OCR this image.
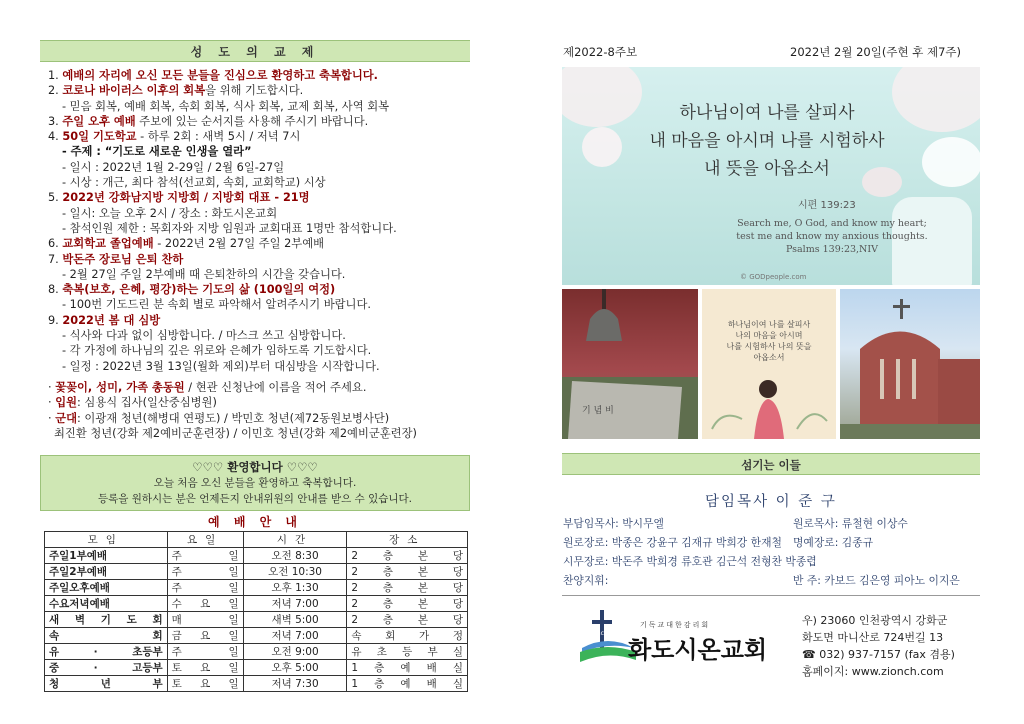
성 도 의 교 제
1. 예배의 자리에 오신 모든 분들을 진심으로 환영하고 축복합니다.
2. 코로나 바이러스 이후의 회복을 위해 기도합시다.
- 믿음 회복, 예배 회복, 속회 회복, 식사 회복, 교제 회복, 사역 회복
3. 주일 오후 예배 주보에 있는 순서지를 사용해 주시기 바랍니다.
4. 50일 기도학교 - 하루 2회 : 새벽 5시 / 저녁 7시
- 주제 : “기도로 새로운 인생을 열라”
- 일시 : 2022년 1월 2-29일 / 2월 6일-27일
- 시상 : 개근, 최다 참석(선교회, 속회, 교회학교) 시상
5. 2022년 강화남지방 지방회 / 지방회 대표 - 21명
- 일시: 오늘 오후 2시 / 장소 : 화도시온교회
- 참석인원 제한 : 목회자와 지방 임원과 교회대표 1명만 참석합니다.
6. 교회학교 졸업예배 - 2022년 2월 27일 주일 2부예배
7. 박돈주 장로님 은퇴 찬하
- 2월 27일 주일 2부예배 때 은퇴찬하의 시간을 갖습니다.
8. 축복(보호, 은혜, 평강)하는 기도의 삶 (100일의 여정)
- 100번 기도드린 분 속회 별로 파악해서 알려주시기 바랍니다.
9. 2022년 봄 대 심방
- 식사와 다과 없이 심방합니다. / 마스크 쓰고 심방합니다.
- 각 가정에 하나님의 깊은 위로와 은혜가 임하도록 기도합시다.
- 일정 : 2022년 3월 13일(월화 제외)부터 대심방을 시작합니다.
· 꽃꽂이, 성미, 가족 총동원 / 현관 신청난에 이름을 적어 주세요.
· 입원: 심용식 집사(일산중심병원)
· 군대: 이광재 청년(해병대 연평도) / 박민호 청년(제72동원보병사단)
최진환 청년(강화 제2예비군훈련장) / 이민호 청년(강화 제2예비군훈련장)
♡♡♡ 환영합니다 ♡♡♡
오늘 처음 오신 분들을 환영하고 축복합니다.
등록을 원하시는 분은 언제든지 안내위원의 안내를 받으 수 있습니다.
예 배 안 내
모임	요일	시간	장소
주일1부예배	주 일	오전 8:30	2 층 본 당
주일2부예배	주 일	오전 10:30	2 층 본 당
주일오후예배	주 일	오후 1:30	2 층 본 당
수요저녁예배	수 요 일	저녁 7:00	2 층 본 당
새 벽 기 도 회	매 일	새벽 5:00	2 층 본 당
속 회	금 요 일	저녁 7:00	속 회 가 정
유 · 초등부	주 일	오전 9:00	유 초 등 부 실
중 · 고등부	토 요 일	오후 5:00	1 층 예 배 실
청 년 부	토 요 일	저녁 7:30	1 층 예 배 실
제2022-8주보	2022년 2월 20일(주현 후 제7주)
하나님이여 나를 살피사
내 마음을 아시며 나를 시험하사
내 뜻을 아옵소서
시편 139:23
Search me, O God, and know my heart;
test me and know my anxious thoughts.
Psalms 139:23,NIV
© GODpeople.com
기 념 비
하나님이여 나를 살피사
나의 마음을 아시며
나를 시험하사 나의 뜻을
아옵소서
섬기는 이들
담임목사 이 준 구
부담임목사: 박시무엘	원로목사: 류철현 이상수
원로장로: 박종은 강윤구 김재규 박희강 한재철 명예장로: 김종규
시무장로: 박돈주 박희경 류호관 김근석 전형찬 박종렵
찬양지휘:	반 주: 카보드 김은영 피아노 이지은
since 1905
기독교대한감리회
화도시온교회
우) 23060 인천광역시 강화군
화도면 마니산로 724번길 13
☎ 032) 937-7157 (fax 겸용)
홈페이지: www.zionch.com
